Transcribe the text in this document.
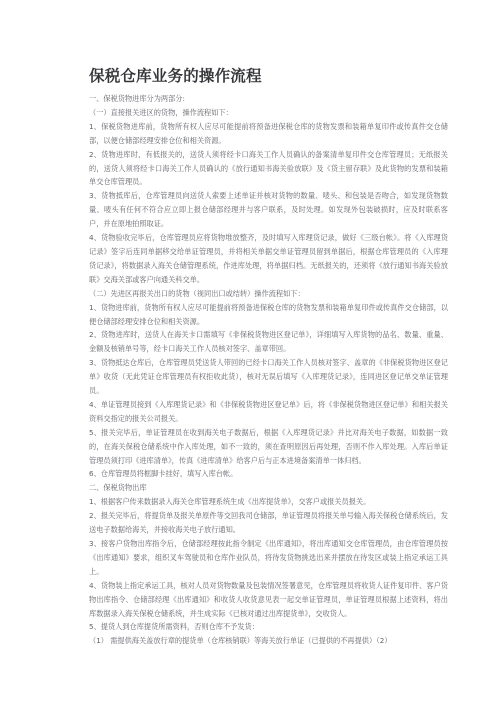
保税仓库业务的操作流程

一、保税货物进库分为两部分:

（一）直接报关进区的货物，操作流程如下：

1、保税货物进库前，货物所有权人应尽可能提前将预备进保税仓库的货物发票和装箱单复印件或传真件交仓储部，以便仓储部经理安排仓位和相关资源。

2、货物进库时，有低报关的，送货人须将经卡口海关工作人员确认的备案清单复印件交仓库管理员；无纸报关的，送货人须将经卡口海关工作人员确认的《放行通知书海关验放联》及《货主留存联》及此货物的发票和装箱单交仓库管理员。

3、货物抵库后，仓库管理员向送货人索要上述单证并核对货物的数量、唛头、和包装是否吻合，如发现货物数量、唛头有任何不符合应立即上报仓储部经理并与客户联系，及时处理。如发现外包装破损时，应及时联系客户，并在原地拍照取证。

4、货物验收完毕后，仓库管理员应将货物堆放整齐，及时填写入库理货记录，做好《三级台帐》。将《入库理货记录》签字后连同单据移交给单证管理员，并将相关单据交单证管理员留到单据后，根据仓库管理员的《入库理货记录》，将数据录入海关仓储管理系统，作进库处理，将单据归档。无纸报关的，还须将《放行通知书海关验放联》交海关部或客户向通关科交单。

（二）先进区再报关出口的货物（视同出口或结转）操作流程如下：

1、货物进库前，货物所有权人应尽可能提前将预备进保税仓库的货物发票和装箱单复印件或传真件交仓储部，以便仓储部经理安排仓位和相关资源。

2、货物进库时，送货人在海关卡口需填写《非保税货物进区登记单》，详细填写入库货物的品名、数量、重量、金额及核销单号等，经卡口海关工作人员核对签字、盖章带回。

3、货物抵达仓库后，仓库管理员凭送货人带回的已经卡口海关工作人员核对签字、盖章的《非保税货物进区登记单》收货（无此凭证仓库管理员有权拒收此货），核对无误后填写《入库理货记录》，连同进区登记单交单证管理员。

4、单证管理员接到《入库理货记录》和《非保税货物进区登记单》后，将《非保税货物进区登记单》和相关报关资料交指定的报关公司报关。

5、报关完毕后，单证管理员在收到海关电子数据后，根据《入库理货记录》并比对海关电子数据，如数据一致的，在海关保税仓储系统中作入库处理，如不一致的，须在查明原因后再处理，否则不作入库处理。入库后单证管理员须打印《进库清单》，传真《进库清单》给客户后与正本进境备案清单一体归档。

6、仓库管理员将框脚卡挂好，填写入库台帐。

二、保税货物出库

1、根据客户传来数据录入海关仓库管理系统生成《出库提货单》，交客户或报关员报关。

2、报关完毕后，将提货单及报关单原件等交回我司仓储部，单证管理员将报关单号输入海关保税仓储系统后，发送电子数据给海关，并接收海关电子放行通知。

3、接客户货物出库指令后，仓储部经理按此指令制定《出库通知》，将出库通知交仓库管理员，由仓库管理员按《出库通知》要求，组织叉车驾驶员和仓库作业队员，将待发货物挑选出来并摆放在待发区或装上指定承运工具上。

4、货物装上指定承运工具，核对人员对货物数量及包装情况签署意见，仓库管理员将收货人证件复印件、客户货物出库指令、仓储部经理《出库通知》和收货人收货意见表一起交单证管理员，单证管理员根据上述资料，将出库数据录入海关保税仓储系统，并生成实际《已核对通过出库提货单》，交收货人。

5、提货人到仓库提货所需资料，否则仓库不予发货：

（1） 需提供海关盖放行章的提货单（仓库核销联）等海关放行单证（已提供的不再提供）（2）
